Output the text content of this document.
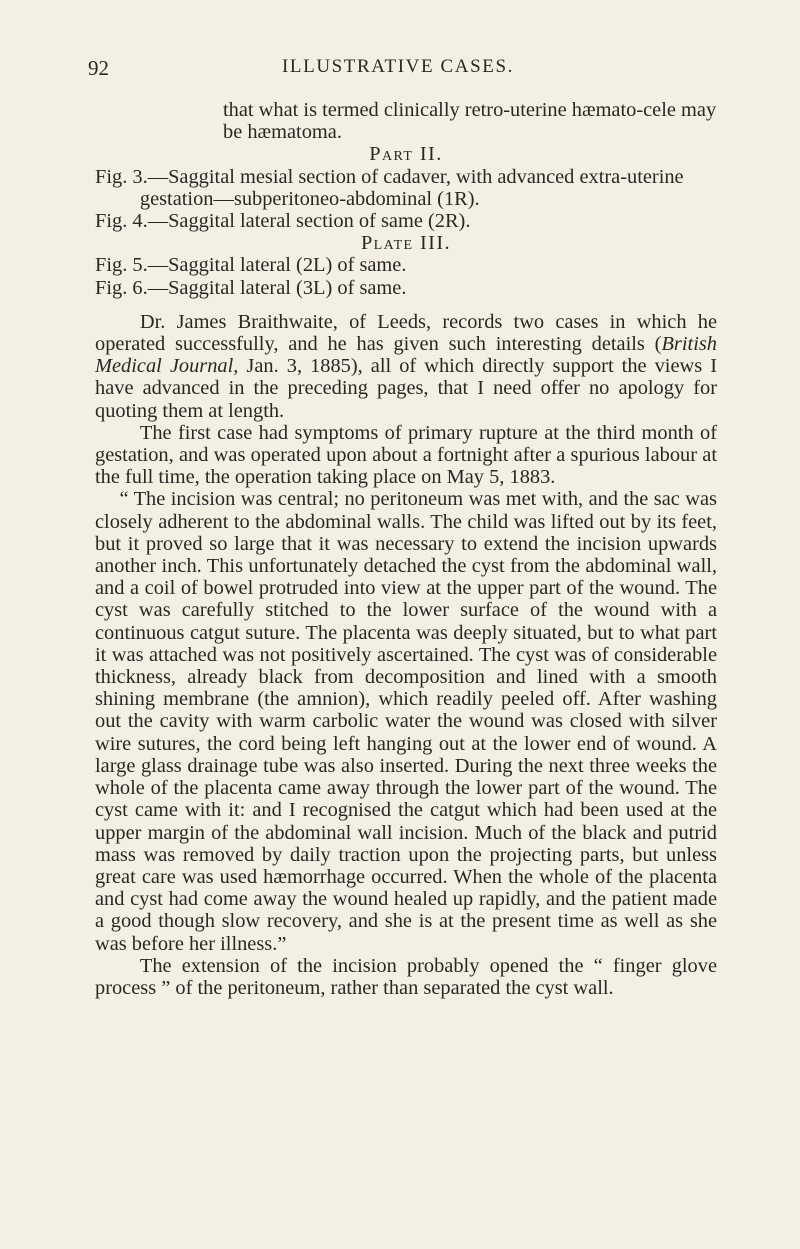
92	ILLUSTRATIVE CASES.

that what is termed clinically retro-uterine hæmato-cele may be hæmatoma.

Part II.

Fig. 3.—Saggital mesial section of cadaver, with advanced extra-uterine gestation—subperitoneo-abdominal (1R).

Fig. 4.—Saggital lateral section of same (2R).

Plate III.

Fig. 5.—Saggital lateral (2L) of same.

Fig. 6.—Saggital lateral (3L) of same.

Dr. James Braithwaite, of Leeds, records two cases in which he operated successfully, and he has given such interesting details (British Medical Journal, Jan. 3, 1885), all of which directly support the views I have advanced in the preceding pages, that I need offer no apology for quoting them at length.

The first case had symptoms of primary rupture at the third month of gestation, and was operated upon about a fortnight after a spurious labour at the full time, the operation taking place on May 5, 1883.

“ The incision was central; no peritoneum was met with, and the sac was closely adherent to the abdominal walls. The child was lifted out by its feet, but it proved so large that it was necessary to extend the incision upwards another inch. This unfortunately detached the cyst from the abdominal wall, and a coil of bowel protruded into view at the upper part of the wound. The cyst was carefully stitched to the lower surface of the wound with a continuous catgut suture. The placenta was deeply situated, but to what part it was attached was not positively ascertained. The cyst was of considerable thickness, already black from decomposition and lined with a smooth shining membrane (the amnion), which readily peeled off. After washing out the cavity with warm carbolic water the wound was closed with silver wire sutures, the cord being left hanging out at the lower end of wound. A large glass drainage tube was also inserted. During the next three weeks the whole of the placenta came away through the lower part of the wound. The cyst came with it: and I recognised the catgut which had been used at the upper margin of the abdominal wall incision. Much of the black and putrid mass was removed by daily traction upon the projecting parts, but unless great care was used hæmorrhage occurred. When the whole of the placenta and cyst had come away the wound healed up rapidly, and the patient made a good though slow recovery, and she is at the present time as well as she was before her illness.”

The extension of the incision probably opened the “ finger glove process ” of the peritoneum, rather than separated the cyst wall.
